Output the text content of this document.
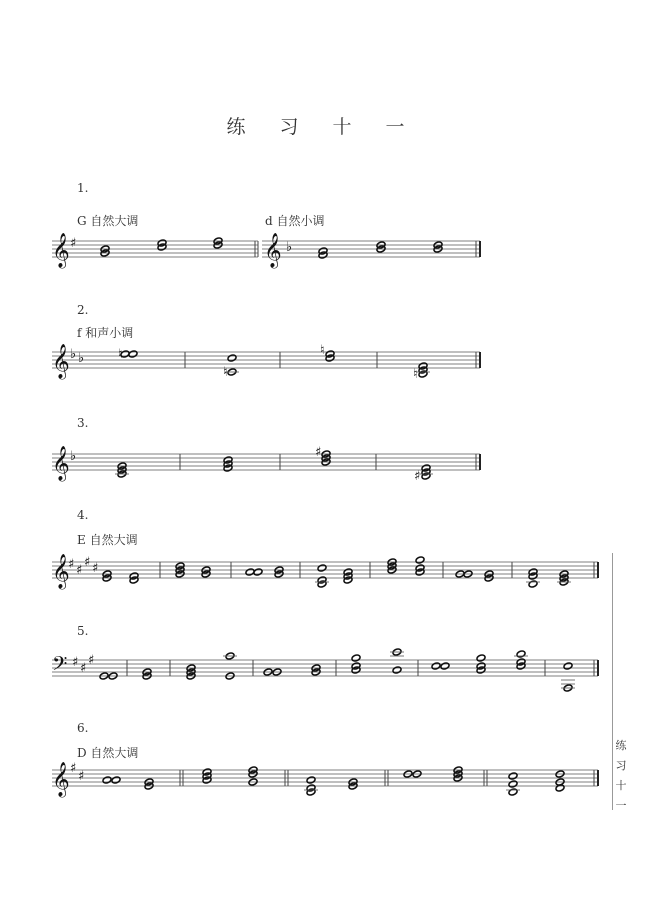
练 习 十 一
1.
G 自然大调	d 自然小调
2.
f 和声小调
3.
4.
E 自然大调
5.
6.
D 自然大调
𝄞 ♯	𝄞 ♭
𝄞 ♭ ♭	♮
♮
♮
♮
𝄞 ♭	♯
♯
𝄞
♯ ♯
♯ ♯
𝄢 ♯ ♯
♯
𝄞 ♯
♯
练
习
十
一
